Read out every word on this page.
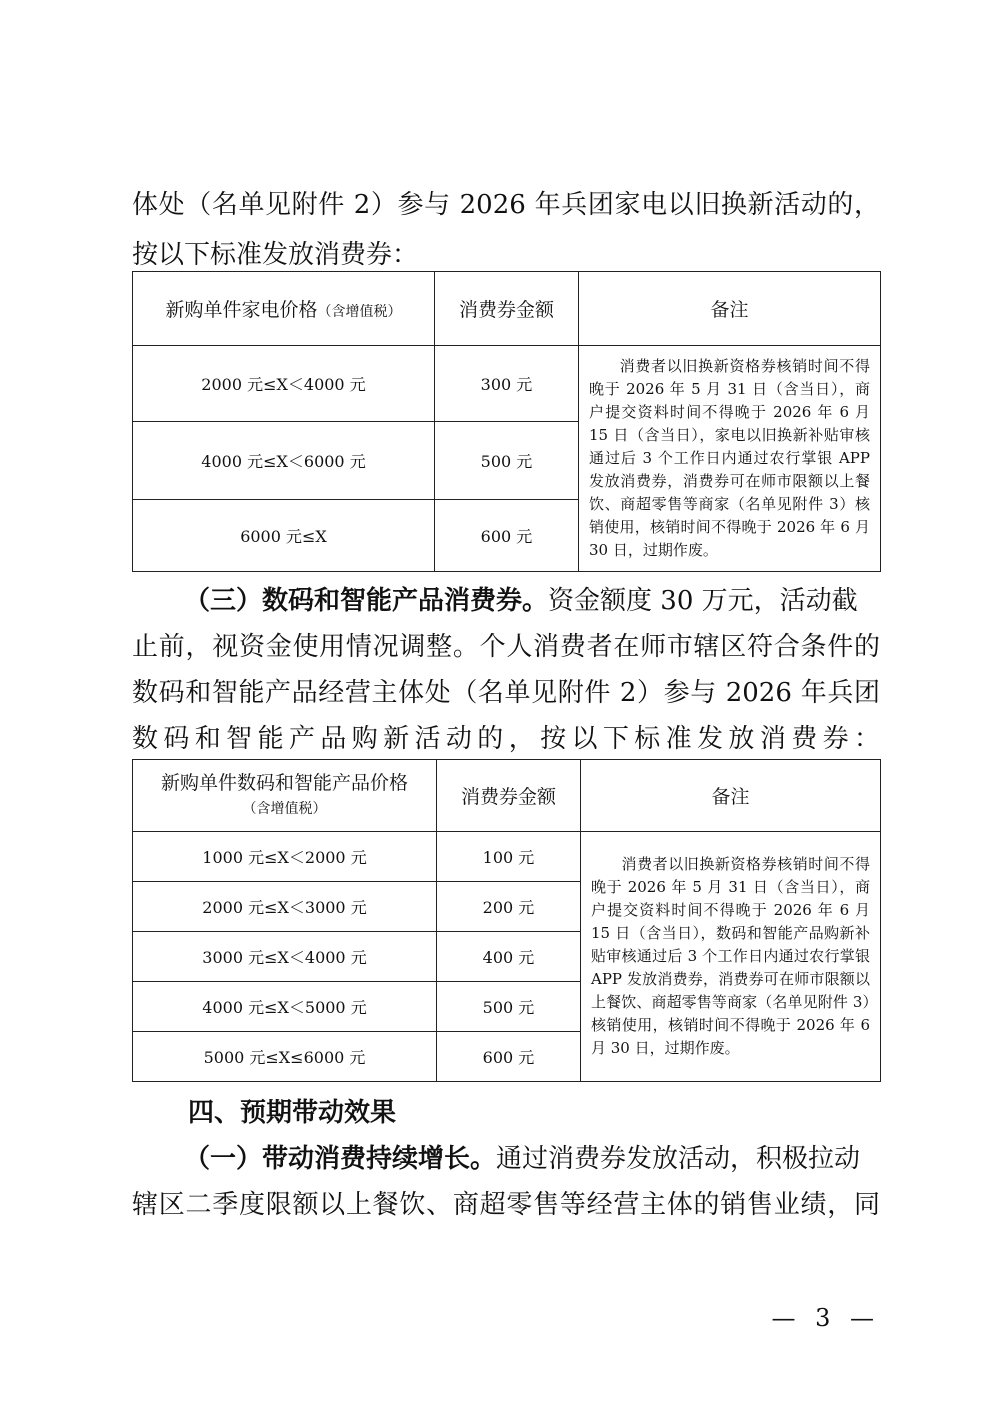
体处（名单见附件 2）参与 2026 年兵团家电以旧换新活动的，
按以下标准发放消费券：
新购单件家电价格（含增值税）	消费券金额	备注
2000 元≤X＜4000 元	300 元	消费者以旧换新资格券核销时间不得晚于 2026 年 5 月 31 日（含当日），商户提交资料时间不得晚于 2026 年 6 月 15 日（含当日），家电以旧换新补贴审核通过后 3 个工作日内通过农行掌银 APP 发放消费券，消费券可在师市限额以上餐饮、商超零售等商家（名单见附件 3）核销使用，核销时间不得晚于 2026 年 6 月 30 日，过期作废。
4000 元≤X＜6000 元	500 元	
6000 元≤X	600 元	
（三）数码和智能产品消费券。资金额度 30 万元，活动截
止前，视资金使用情况调整。个人消费者在师市辖区符合条件的
数码和智能产品经营主体处（名单见附件 2）参与 2026 年兵团
数码和智能产品购新活动的，按以下标准发放消费券：
新购单件数码和智能产品价格
（含增值税）	消费券金额	备注
1000 元≤X＜2000 元	100 元	消费者以旧换新资格券核销时间不得晚于 2026 年 5 月 31 日（含当日），商户提交资料时间不得晚于 2026 年 6 月 15 日（含当日），数码和智能产品购新补贴审核通过后 3 个工作日内通过农行掌银 APP 发放消费券，消费券可在师市限额以上餐饮、商超零售等商家（名单见附件 3）核销使用，核销时间不得晚于 2026 年 6 月 30 日，过期作废。
2000 元≤X＜3000 元	200 元	
3000 元≤X＜4000 元	400 元	
4000 元≤X＜5000 元	500 元	
5000 元≤X≤6000 元	600 元	
四、预期带动效果
（一）带动消费持续增长。通过消费券发放活动，积极拉动
辖区二季度限额以上餐饮、商超零售等经营主体的销售业绩，同
— 3 —
